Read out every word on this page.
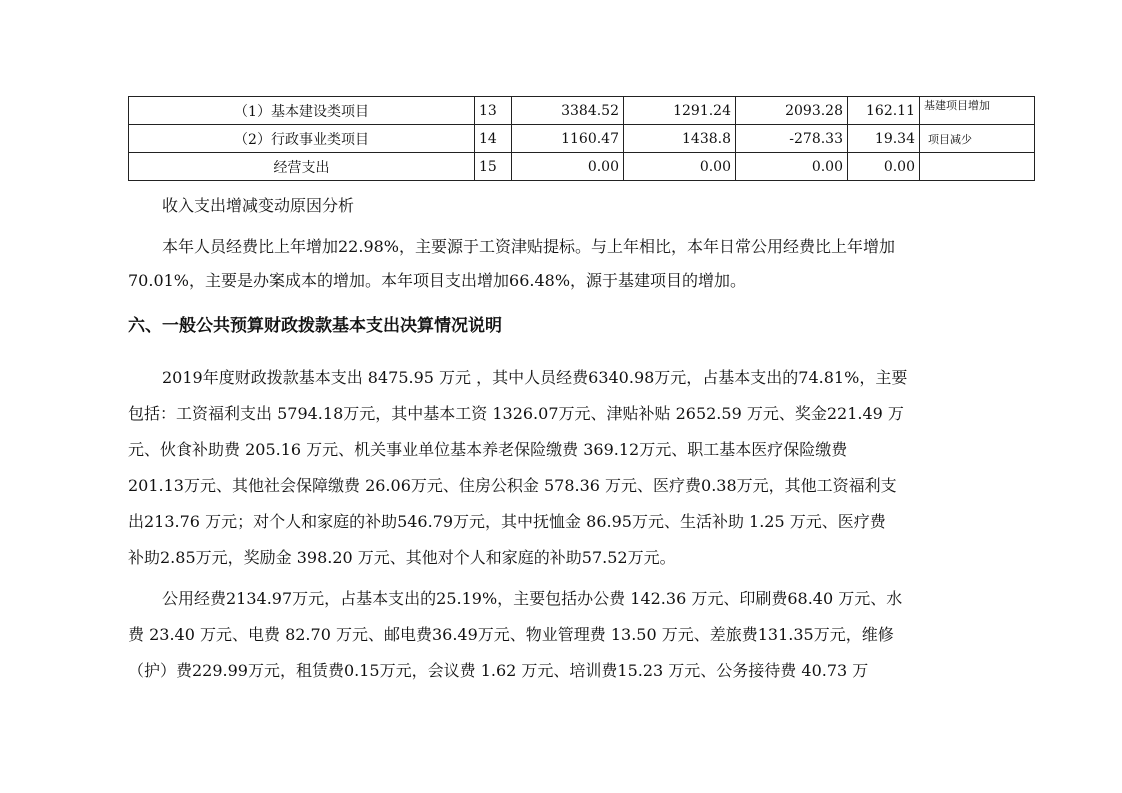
（1）基本建设类项目	13	3384.52	1291.24	2093.28	162.11	基建项目增加

（2）行政事业类项目	14	1160.47	1438.8	-278.33	19.34	项目减少

经营支出	15	0.00	0.00	0.00	0.00	
收入支出增减变动原因分析
本年人员经费比上年增加22.98%，主要源于工资津贴提标。与上年相比，本年日常公用经费比上年增加
70.01%，主要是办案成本的增加。本年项目支出增加66.48%，源于基建项目的增加。
六、一般公共预算财政拨款基本支出决算情况说明
2019年度财政拨款基本支出 8475.95 万元 ，其中人员经费6340.98万元，占基本支出的74.81%，主要
包括：工资福利支出 5794.18万元，其中基本工资 1326.07万元、津贴补贴 2652.59 万元、奖金221.49 万
元、伙食补助费 205.16 万元、机关事业单位基本养老保险缴费 369.12万元、职工基本医疗保险缴费
201.13万元、其他社会保障缴费 26.06万元、住房公积金 578.36 万元、医疗费0.38万元，其他工资福利支
出213.76 万元；对个人和家庭的补助546.79万元，其中抚恤金 86.95万元、生活补助 1.25 万元、医疗费
补助2.85万元，奖励金 398.20 万元、其他对个人和家庭的补助57.52万元。
公用经费2134.97万元，占基本支出的25.19%，主要包括办公费 142.36 万元、印刷费68.40 万元、水
费 23.40 万元、电费 82.70 万元、邮电费36.49万元、物业管理费 13.50 万元、差旅费131.35万元，维修
（护）费229.99万元，租赁费0.15万元，会议费 1.62 万元、培训费15.23 万元、公务接待费 40.73 万
